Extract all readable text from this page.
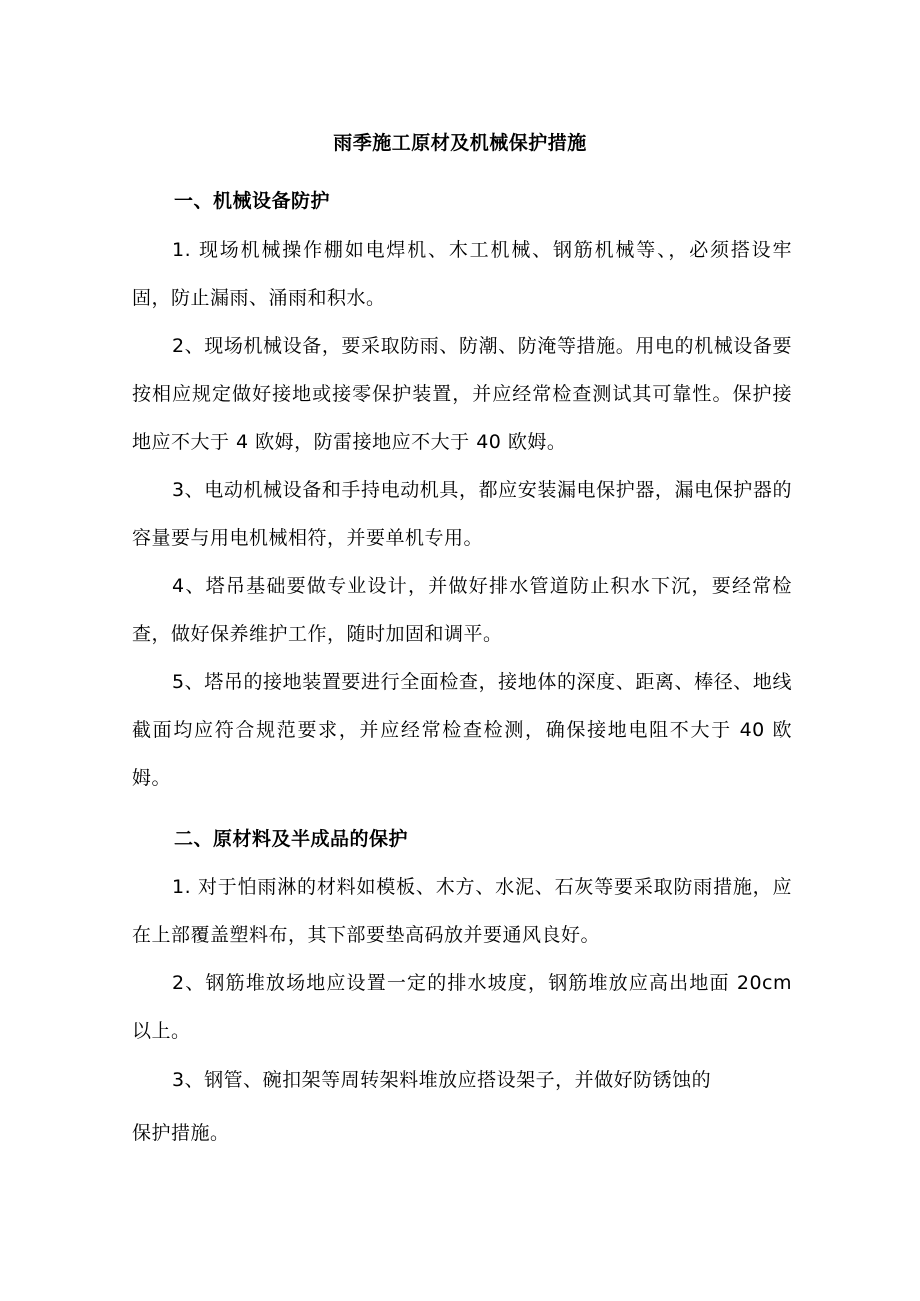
雨季施工原材及机械保护措施
一、机械设备防护
1. 现场机械操作棚如电焊机、木工机械、钢筋机械等、，必须搭设牢固，防止漏雨、涌雨和积水。
2、现场机械设备，要采取防雨、防潮、防淹等措施。用电的机械设备要按相应规定做好接地或接零保护装置，并应经常检查测试其可靠性。保护接地应不大于 4 欧姆，防雷接地应不大于 40 欧姆。
3、电动机械设备和手持电动机具，都应安装漏电保护器，漏电保护器的容量要与用电机械相符，并要单机专用。
4、塔吊基础要做专业设计，并做好排水管道防止积水下沉，要经常检查，做好保养维护工作，随时加固和调平。
5、塔吊的接地装置要进行全面检查，接地体的深度、距离、棒径、地线截面均应符合规范要求，并应经常检查检测，确保接地电阻不大于 40 欧姆。
二、原材料及半成品的保护
1. 对于怕雨淋的材料如模板、木方、水泥、石灰等要采取防雨措施，应在上部覆盖塑料布，其下部要垫高码放并要通风良好。
2、钢筋堆放场地应设置一定的排水坡度，钢筋堆放应高出地面 20cm 以上。
3、钢管、碗扣架等周转架料堆放应搭设架子，并做好防锈蚀的
保护措施。
